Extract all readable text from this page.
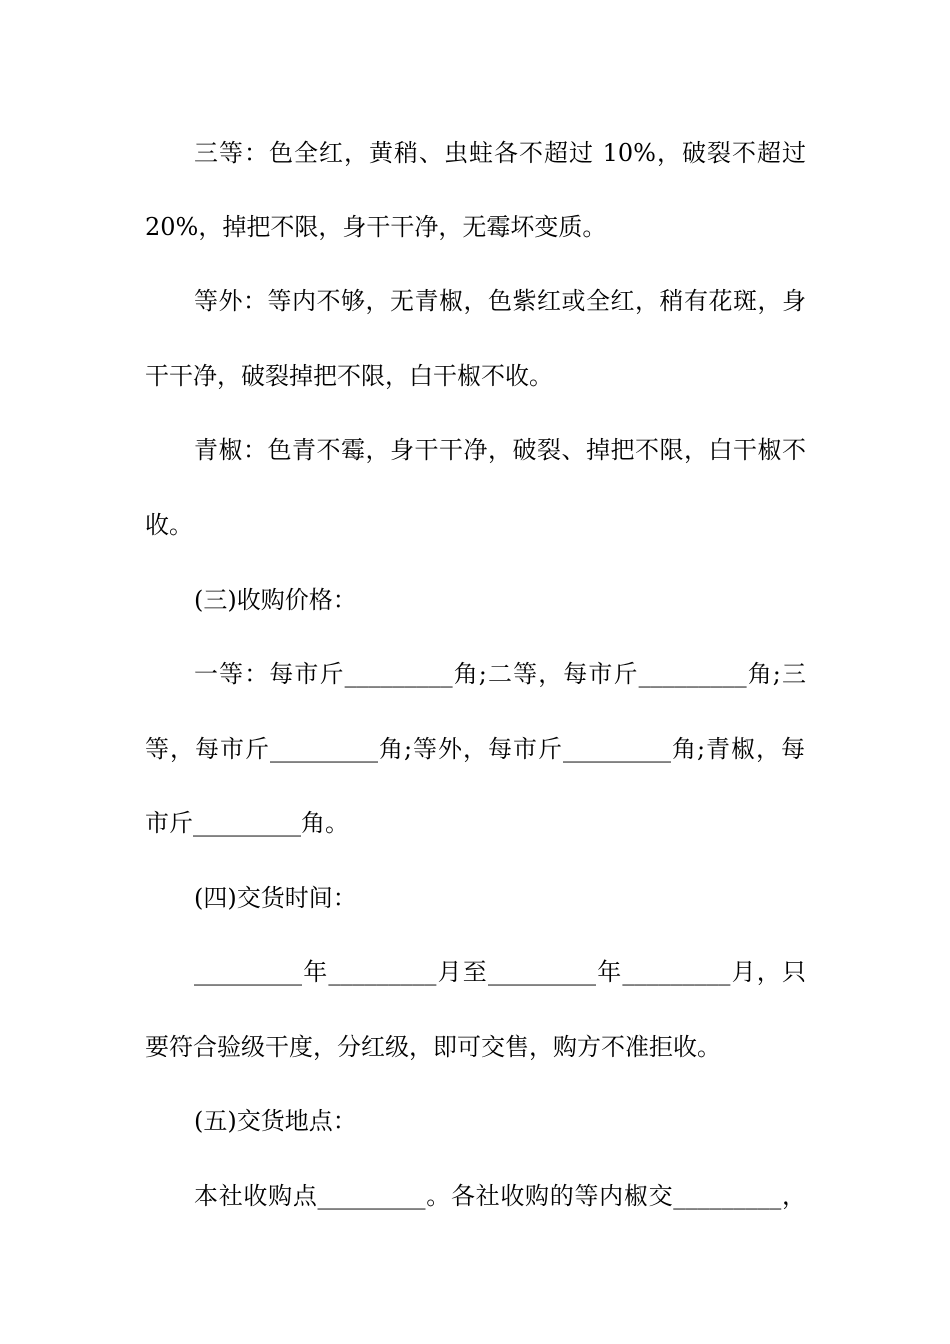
三等：色全红，黄稍、虫蛀各不超过 10%，破裂不超过
20%，掉把不限，身干干净，无霉坏变质。
等外：等内不够，无青椒，色紫红或全红，稍有花斑，身
干干净，破裂掉把不限，白干椒不收。
青椒：色青不霉，身干干净，破裂、掉把不限，白干椒不
收。
(三)收购价格：
一等：每市斤_________角;二等，每市斤_________角;三
等，每市斤_________角;等外，每市斤_________角;青椒，每
市斤_________角。
(四)交货时间：
_________年_________月至_________年_________月，只
要符合验级干度，分红级，即可交售，购方不准拒收。
(五)交货地点：
本社收购点_________。各社收购的等内椒交_________，
